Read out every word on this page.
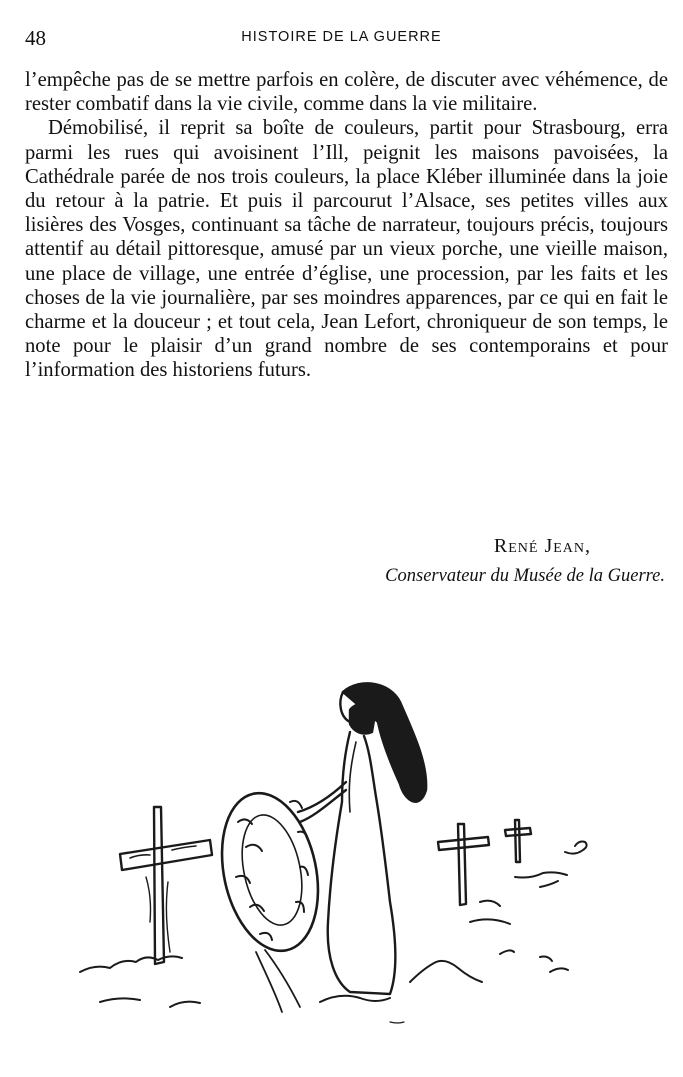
48	HISTOIRE DE LA GUERRE

l’empêche pas de se mettre parfois en colère, de discuter avec véhémence, de rester combatif dans la vie civile, comme dans la vie militaire.

Démobilisé, il reprit sa boîte de couleurs, partit pour Strasbourg, erra parmi les rues qui avoisinent l’Ill, peignit les maisons pavoisées, la Cathédrale parée de nos trois couleurs, la place Kléber illuminée dans la joie du retour à la patrie. Et puis il parcourut l’Alsace, ses petites villes aux lisières des Vosges, continuant sa tâche de narrateur, toujours précis, toujours attentif au détail pittoresque, amusé par un vieux porche, une vieille maison, une place de village, une entrée d’église, une procession, par les faits et les choses de la vie journalière, par ses moindres apparences, par ce qui en fait le charme et la douceur ; et tout cela, Jean Lefort, chroniqueur de son temps, le note pour le plaisir d’un grand nombre de ses contemporains et pour l’information des historiens futurs.

René Jean,
Conservateur du Musée de la Guerre.
